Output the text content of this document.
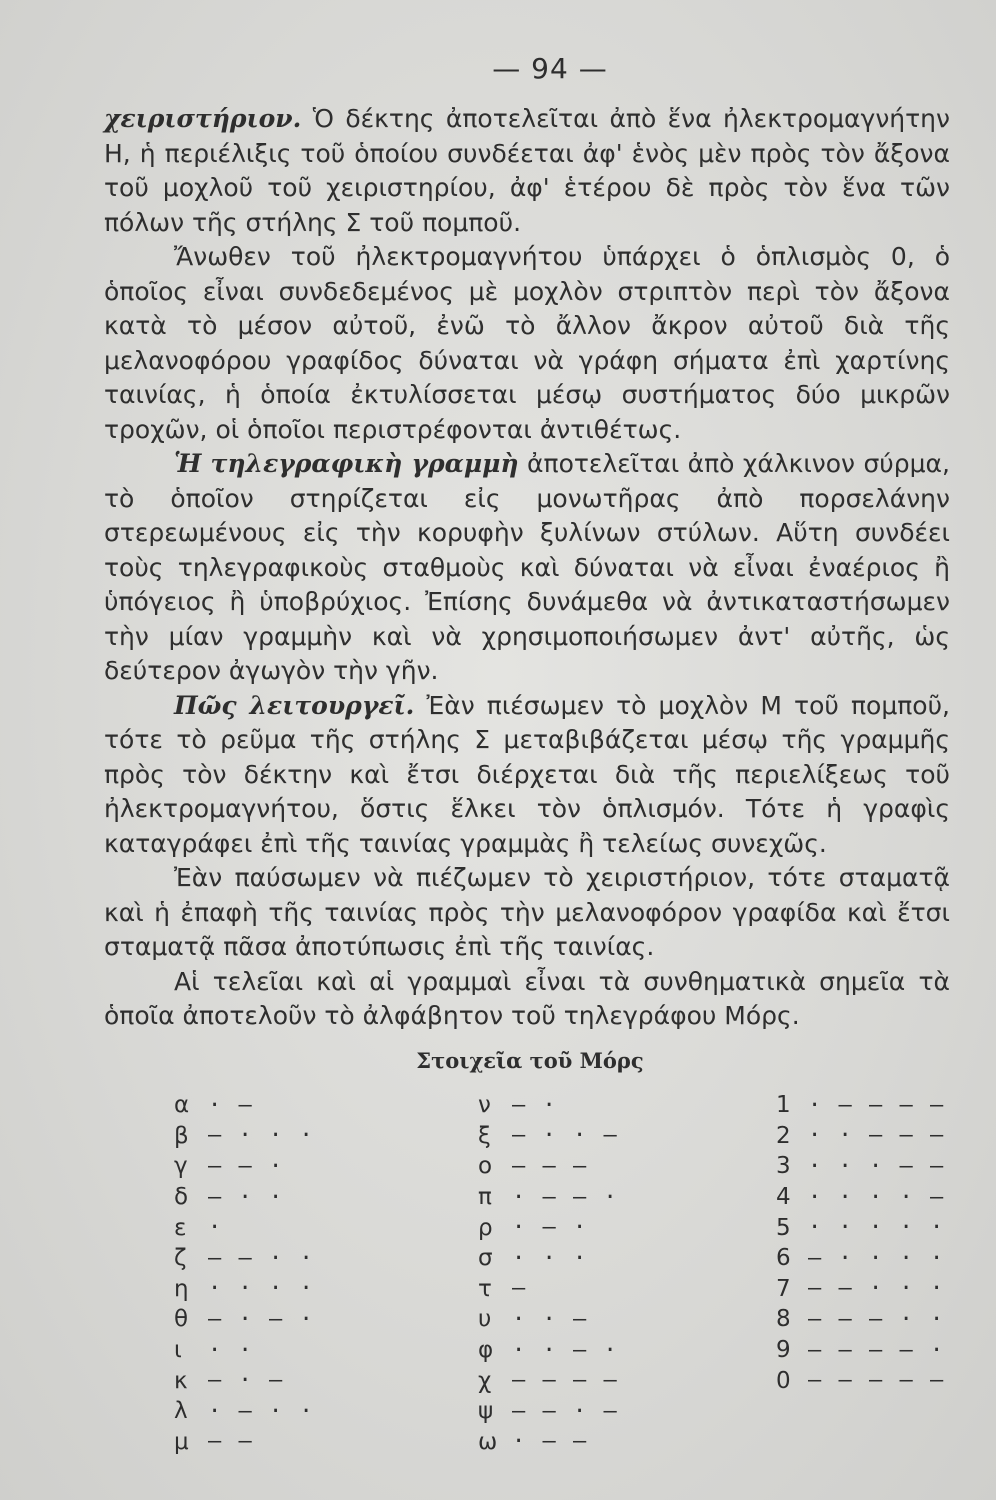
— 94 —

χειριστήριον. Ὁ δέκτης ἀποτελεῖται ἀπὸ ἕνα ἠλεκτρομαγνήτην Η, ἡ περιέλιξις τοῦ ὁποίου συνδέεται ἀφ' ἑνὸς μὲν πρὸς τὸν ἄξονα τοῦ μοχλοῦ τοῦ χειριστηρίου, ἀφ' ἑτέρου δὲ πρὸς τὸν ἕνα τῶν πόλων τῆς στήλης Σ τοῦ πομποῦ.

Ἄνωθεν τοῦ ἠλεκτρομαγνήτου ὑπάρχει ὁ ὁπλισμὸς 0, ὁ ὁποῖος εἶναι συνδεδεμένος μὲ μοχλὸν στριπτὸν περὶ τὸν ἄξονα κατὰ τὸ μέσον αὐτοῦ, ἐνῶ τὸ ἄλλον ἄκρον αὐτοῦ διὰ τῆς μελανοφόρου γραφίδος δύναται νὰ γράφη σήματα ἐπὶ χαρτίνης ταινίας, ἡ ὁποία ἐκτυλίσσεται μέσῳ συστήματος δύο μικρῶν τροχῶν, οἱ ὁποῖοι περιστρέφονται ἀντιθέτως.

Ἡ τηλεγραφικὴ γραμμὴ ἀποτελεῖται ἀπὸ χάλκινον σύρμα, τὸ ὁποῖον στηρίζεται εἰς μονωτῆρας ἀπὸ πορσελάνην στερεωμένους εἰς τὴν κορυφὴν ξυλίνων στύλων. Αὕτη συνδέει τοὺς τηλεγραφικοὺς σταθμοὺς καὶ δύναται νὰ εἶναι ἐναέριος ἢ ὑπόγειος ἢ ὑποβρύχιος. Ἐπίσης δυνάμεθα νὰ ἀντικαταστήσωμεν τὴν μίαν γραμμὴν καὶ νὰ χρησιμοποιήσωμεν ἀντ' αὐτῆς, ὡς δεύτερον ἀγωγὸν τὴν γῆν.

Πῶς λειτουργεῖ. Ἐὰν πιέσωμεν τὸ μοχλὸν Μ τοῦ πομποῦ, τότε τὸ ρεῦμα τῆς στήλης Σ μεταβιβάζεται μέσῳ τῆς γραμμῆς πρὸς τὸν δέκτην καὶ ἔτσι διέρχεται διὰ τῆς περιελίξεως τοῦ ἠλεκτρομαγνήτου, ὅστις ἕλκει τὸν ὁπλισμόν. Τότε ἡ γραφὶς καταγράφει ἐπὶ τῆς ταινίας γραμμὰς ἢ τελείως συνεχῶς.

Ἐὰν παύσωμεν νὰ πιέζωμεν τὸ χειριστήριον, τότε σταματᾷ καὶ ἡ ἐπαφὴ τῆς ταινίας πρὸς τὴν μελανοφόρον γραφίδα καὶ ἔτσι σταματᾷ πᾶσα ἀποτύπωσις ἐπὶ τῆς ταινίας.

Αἱ τελεῖαι καὶ αἱ γραμμαὶ εἶναι τὰ συνθηματικὰ σημεῖα τὰ ὁποῖα ἀποτελοῦν τὸ ἀλφάβητον τοῦ τηλεγράφου Μόρς.

Στοιχεῖα τοῦ Μόρς
α · —
β — · · ·
γ — — ·
δ — · ·
ε ·
ζ — — · ·
η · · · ·
θ — · — ·
ι	· ·
κ — · —
λ · — · ·
μ — —
ν — ·
ξ — · · —
ο — — —
π · — — ·
ρ · — ·
σ · · ·
τ —
υ · · —
φ · · — ·
χ — — — —
ψ — — · —
ω · — —
1 · — — — —
2 · · — — —
3 · · · — —
4 · · · · —
5 · · · · ·
6 — · · · ·
7 — — · · ·
8 — — — · ·
9 — — — — ·
0 — — — — —
